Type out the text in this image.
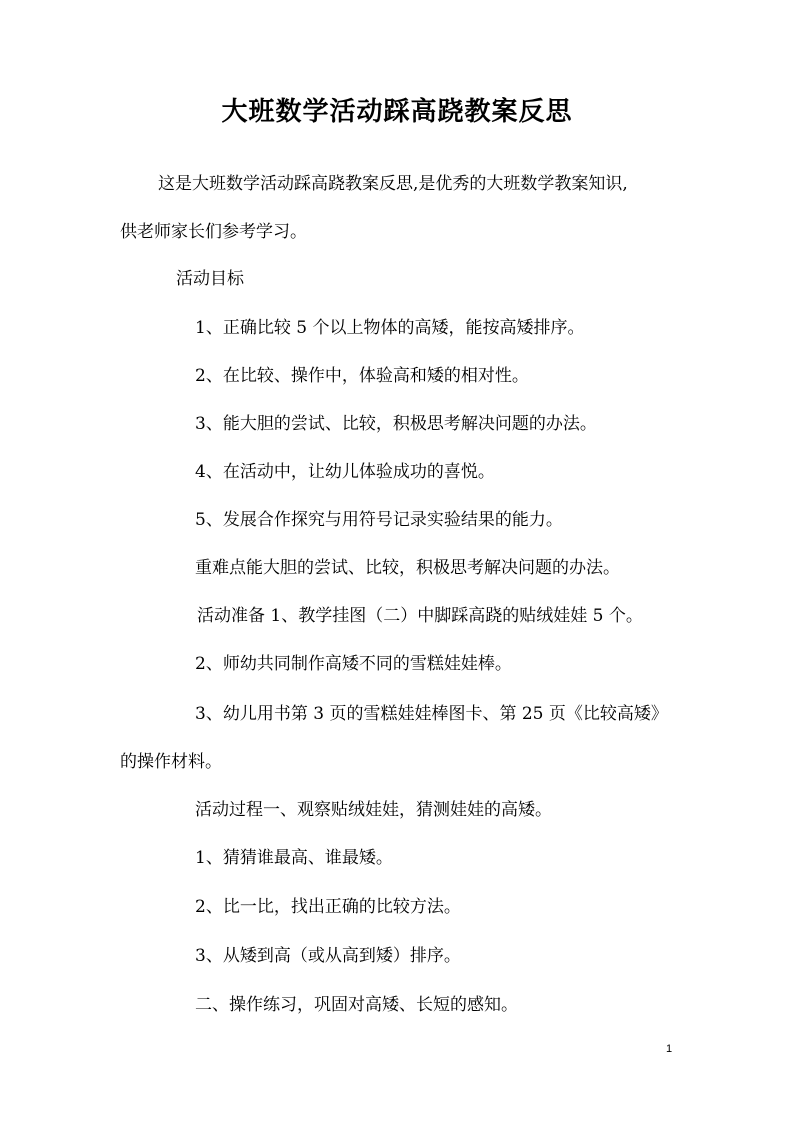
大班数学活动踩高跷教案反思
这是大班数学活动踩高跷教案反思,是优秀的大班数学教案知识,
供老师家长们参考学习。
活动目标
1、正确比较 5 个以上物体的高矮，能按高矮排序。
2、在比较、操作中，体验高和矮的相对性。
3、能大胆的尝试、比较，积极思考解决问题的办法。
4、在活动中，让幼儿体验成功的喜悦。
5、发展合作探究与用符号记录实验结果的能力。
重难点能大胆的尝试、比较，积极思考解决问题的办法。
活动准备 1、教学挂图（二）中脚踩高跷的贴绒娃娃 5 个。
2、师幼共同制作高矮不同的雪糕娃娃棒。
3、幼儿用书第 3 页的雪糕娃娃棒图卡、第 25 页《比较高矮》
的操作材料。
活动过程一、观察贴绒娃娃，猜测娃娃的高矮。
1、猜猜谁最高、谁最矮。
2、比一比，找出正确的比较方法。
3、从矮到高（或从高到矮）排序。
二、操作练习，巩固对高矮、长短的感知。
1
